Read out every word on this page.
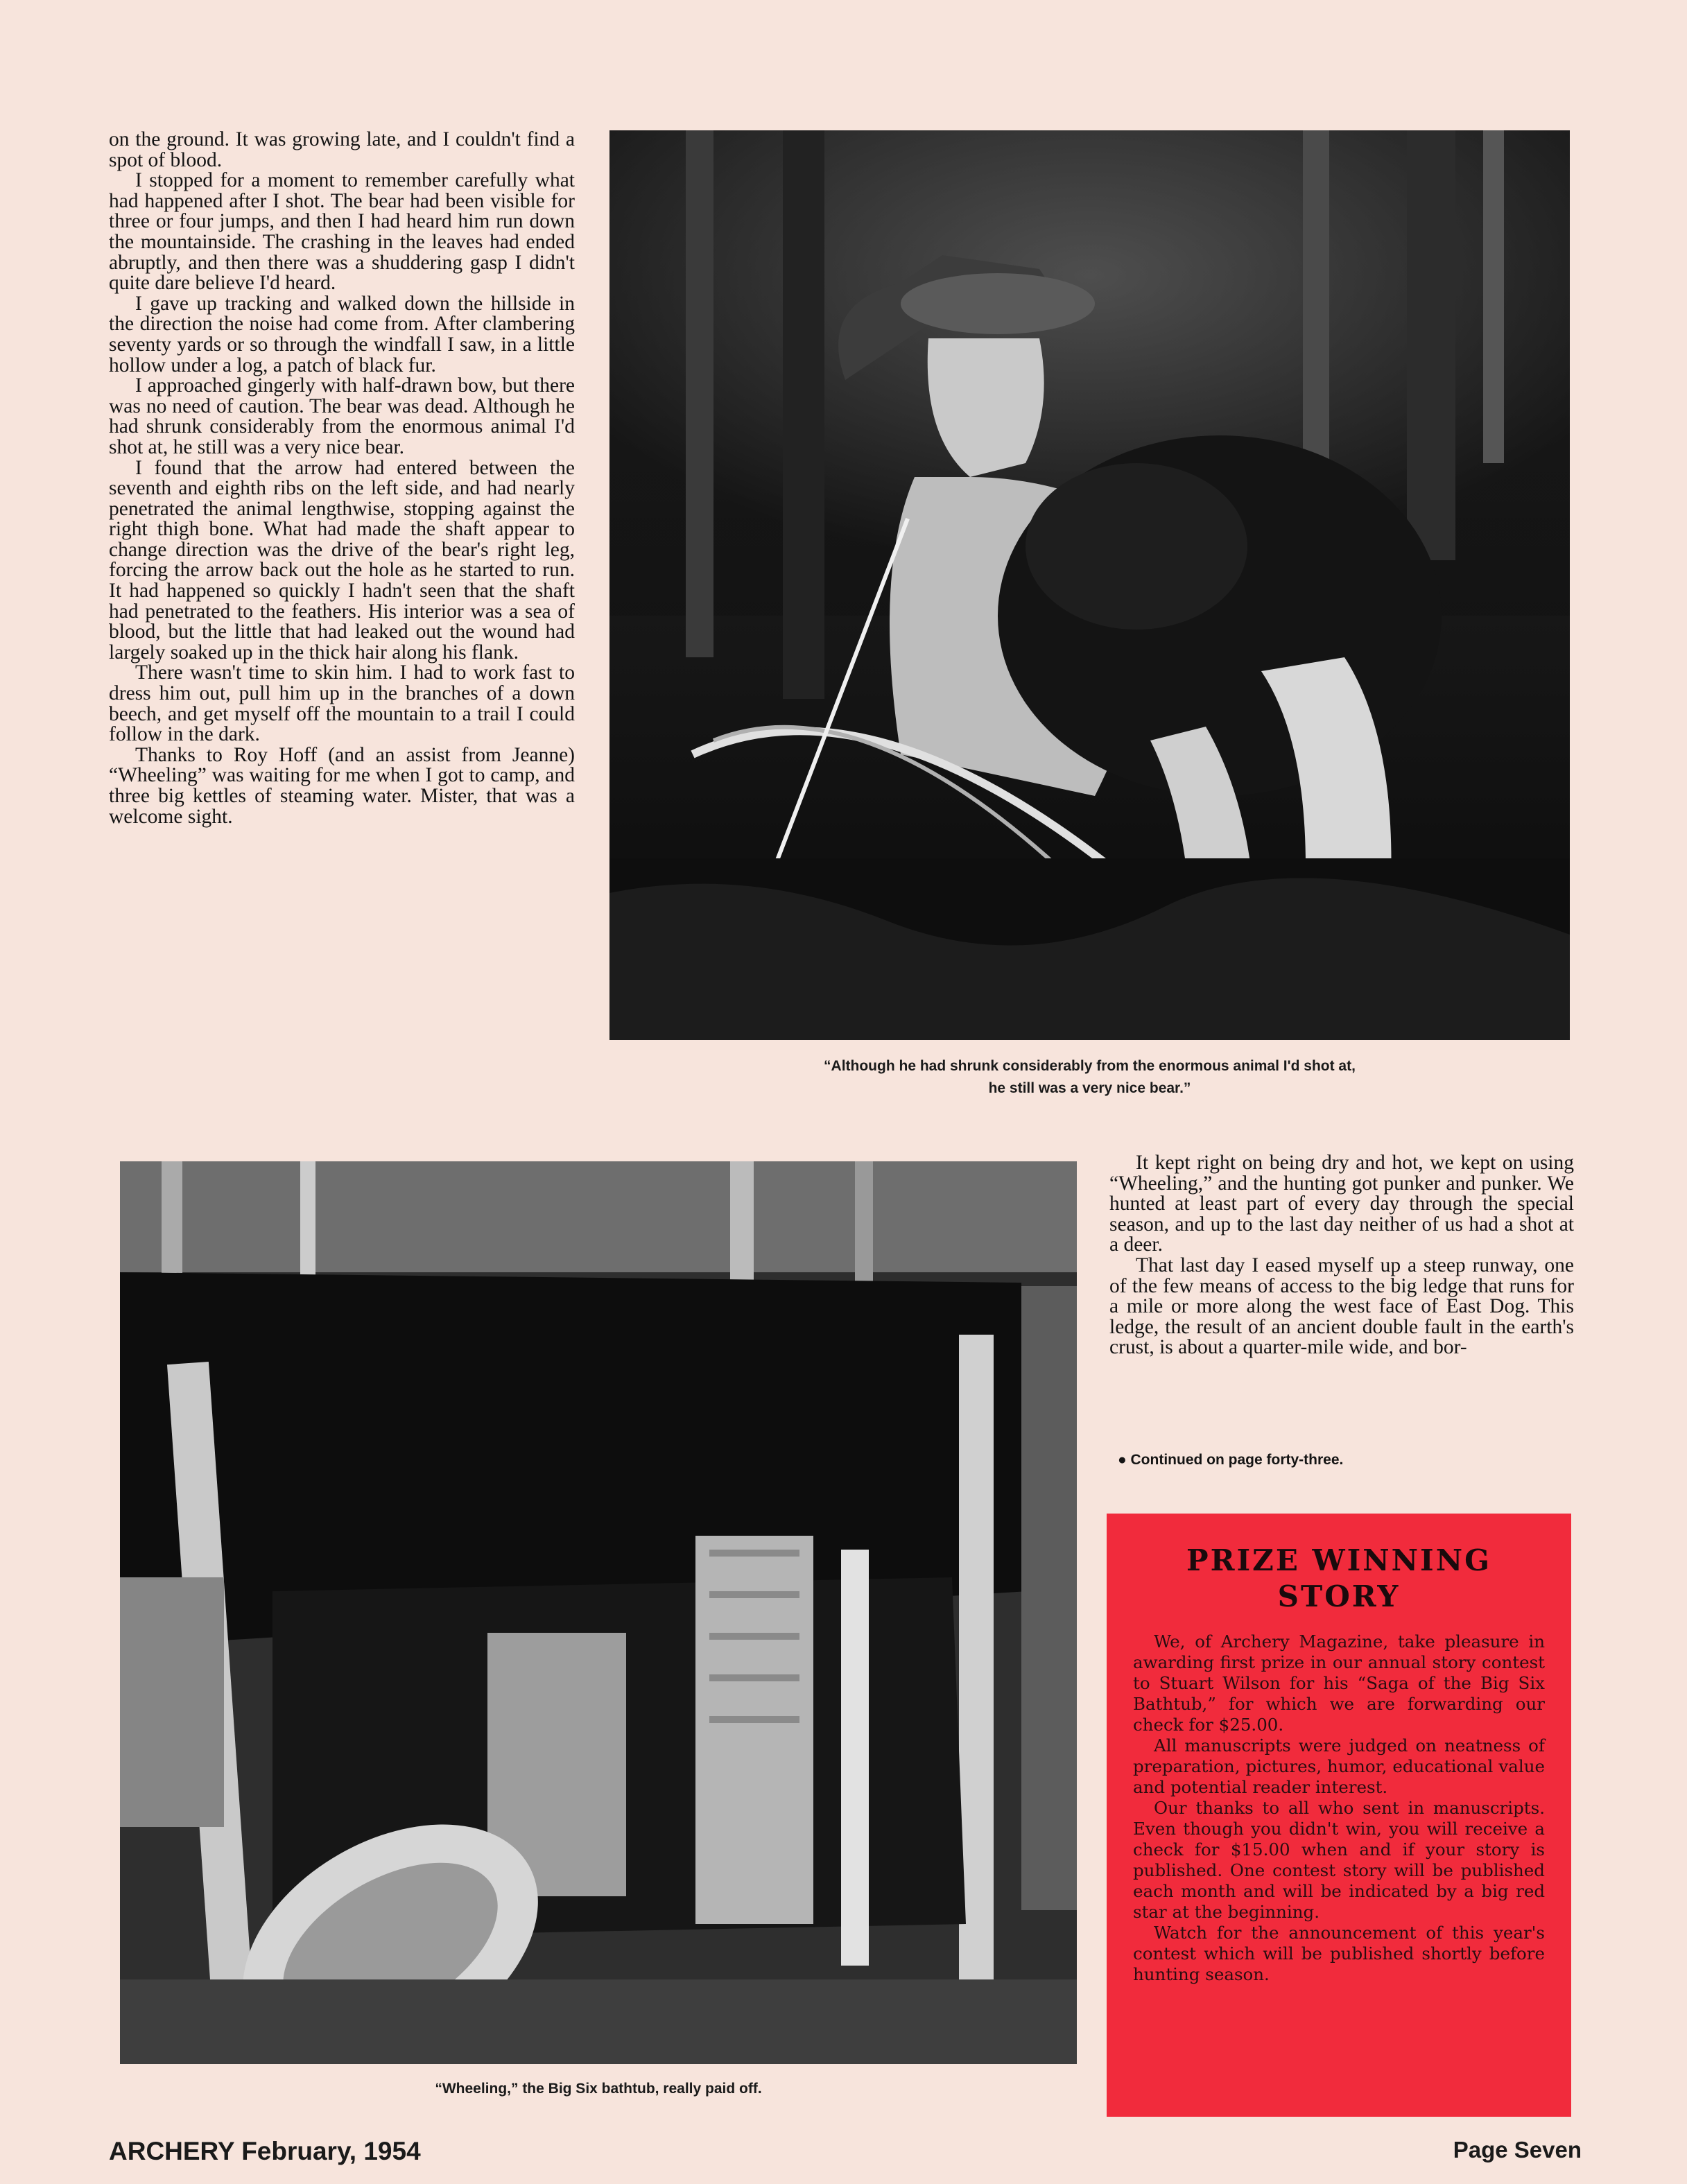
on the ground. It was growing late, and I couldn't find a spot of blood.

I stopped for a moment to remember carefully what had happened after I shot. The bear had been visible for three or four jumps, and then I had heard him run down the mountainside. The crashing in the leaves had ended abruptly, and then there was a shuddering gasp I didn't quite dare believe I'd heard.

I gave up tracking and walked down the hillside in the direction the noise had come from. After clambering seventy yards or so through the windfall I saw, in a little hollow under a log, a patch of black fur.

I approached gingerly with half-drawn bow, but there was no need of caution. The bear was dead. Although he had shrunk considerably from the enormous animal I'd shot at, he still was a very nice bear.

I found that the arrow had entered between the seventh and eighth ribs on the left side, and had nearly penetrated the animal lengthwise, stopping against the right thigh bone. What had made the shaft appear to change direction was the drive of the bear's right leg, forcing the arrow back out the hole as he started to run. It had happened so quickly I hadn't seen that the shaft had penetrated to the feathers. His interior was a sea of blood, but the little that had leaked out the wound had largely soaked up in the thick hair along his flank.

There wasn't time to skin him. I had to work fast to dress him out, pull him up in the branches of a down beech, and get myself off the mountain to a trail I could follow in the dark.

Thanks to Roy Hoff (and an assist from Jeanne) “Wheeling” was waiting for me when I got to camp, and three big kettles of steaming water. Mister, that was a welcome sight.

“Although he had shrunk considerably from the enormous animal I'd shot at,
he still was a very nice bear.”
“Wheeling,” the Big Six bathtub, really paid off.

It kept right on being dry and hot, we kept on using “Wheeling,” and the hunting got punker and punker. We hunted at least part of every day through the special season, and up to the last day neither of us had a shot at a deer.

That last day I eased myself up a steep runway, one of the few means of access to the big ledge that runs for a mile or more along the west face of East Dog. This ledge, the result of an ancient double fault in the earth's crust, is about a quarter-mile wide, and bor-

● Continued on page forty-three.
PRIZE WINNING
STORY

We, of Archery Magazine, take pleasure in awarding first prize in our annual story contest to Stuart Wilson for his “Saga of the Big Six Bathtub,” for which we are forwarding our check for $25.00.

All manuscripts were judged on neatness of preparation, pictures, humor, educational value and potential reader interest.

Our thanks to all who sent in manuscripts. Even though you didn't win, you will receive a check for $15.00 when and if your story is published. One contest story will be published each month and will be indicated by a big red star at the beginning.

Watch for the announcement of this year's contest which will be published shortly before hunting season.

ARCHERY February, 1954	Page Seven
